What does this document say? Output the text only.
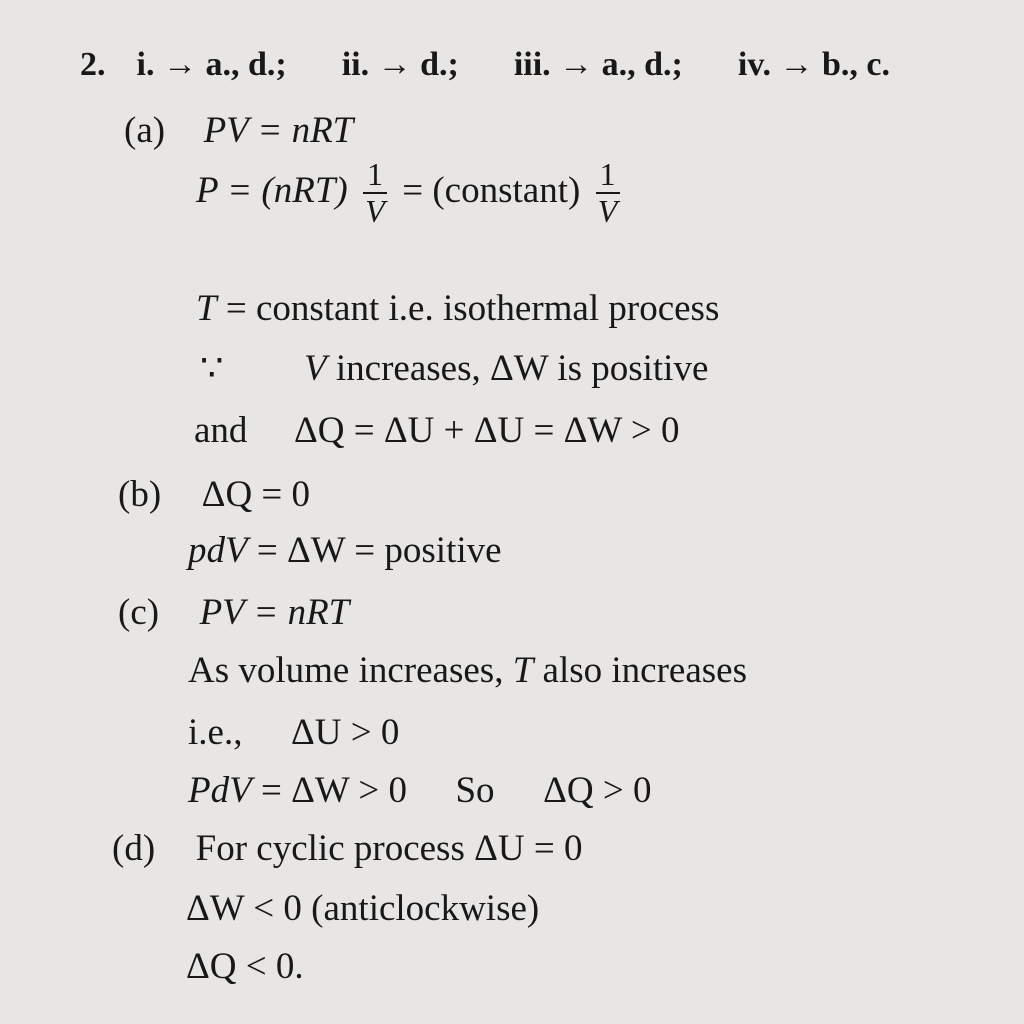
2. i. → a., d.; ii. → d.; iii. → a., d.; iv. → b., c.
(a) PV = nRT
$P = (nRT) \frac{1}{V}$ = (constant) $\frac{1}{V}$
T = constant i.e. isothermal process
∵ V increases, ΔW is positive
and ΔQ = ΔU + ΔU = ΔW > 0
(b) ΔQ = 0
pdV = ΔW = positive
(c) PV = nRT
As volume increases, T also increases
i.e., ΔU > 0
PdV = ΔW > 0 So ΔQ > 0
(d) For cyclic process ΔU = 0
ΔW < 0 (anticlockwise)
ΔQ < 0.
